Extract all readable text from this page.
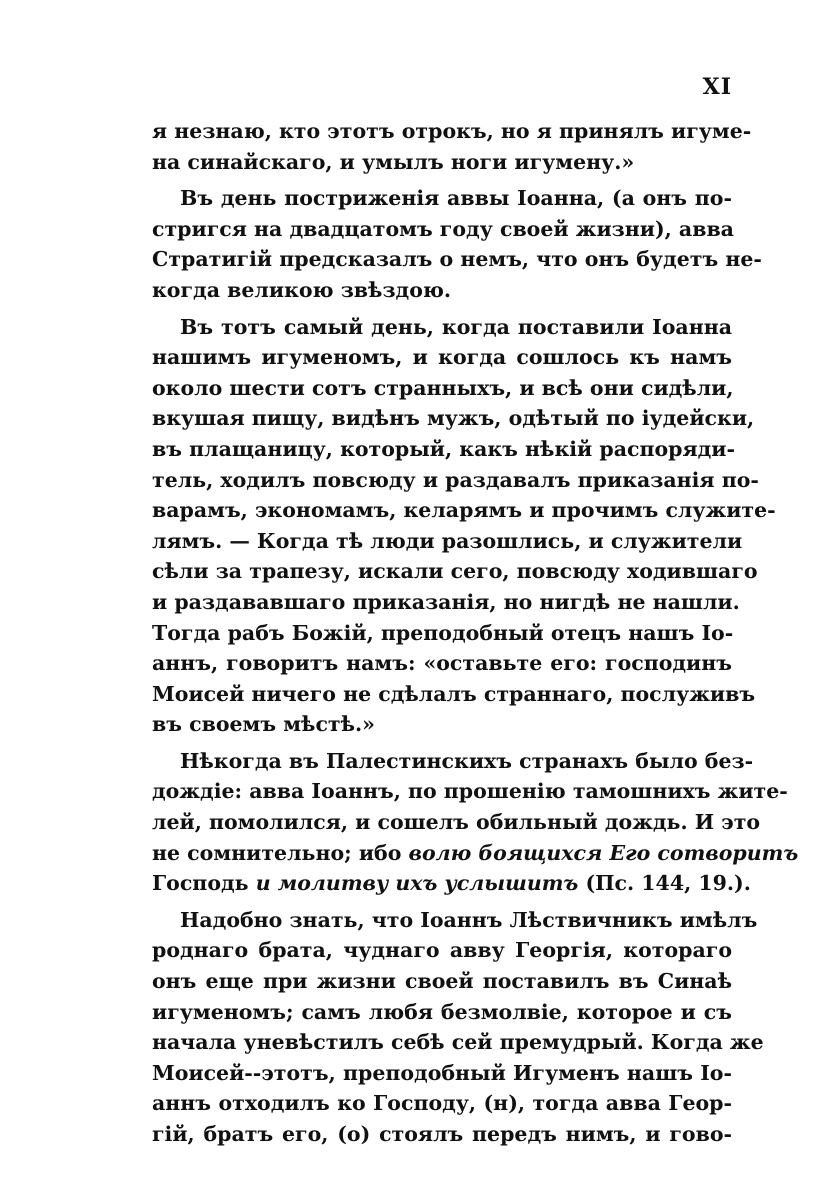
XI
я незнаю, кто этотъ отрокъ, но я принялъ игуме-
на синайскаго, и умылъ ноги игумену.»
Въ день постриженія аввы Іоанна, (а онъ по-
стригся на двадцатомъ году своей жизни), авва
Стратигій предсказалъ о немъ, что онъ будетъ не-
когда великою звѣздою.
Въ тотъ самый день, когда поставили Іоанна
нашимъ игуменомъ, и когда сошлось къ намъ
около шести сотъ странныхъ, и всѣ они сидѣли,
вкушая пищу, видѣнъ мужъ, одѣтый по іудейски,
въ плащаницу, который, какъ нѣкій распоряди-
тель, ходилъ повсюду и раздавалъ приказанія по-
варамъ, экономамъ, келарямъ и прочимъ служите-
лямъ. — Когда тѣ люди разошлись, и служители
сѣли за трапезу, искали сего, повсюду ходившаго
и раздававшаго приказанія, но нигдѣ не нашли.
Тогда рабъ Божій, преподобный отецъ нашъ Іо-
аннъ, говоритъ намъ: «оставьте его: господинъ
Моисей ничего не сдѣлалъ страннаго, послуживъ
въ своемъ мѣстѣ.»
Нѣкогда въ Палестинскихъ странахъ было без-
дождіе: авва Іоаннъ, по прошенію тамошнихъ жите-
лей, помолился, и сошелъ обильный дождь. И это
не сомнительно; ибо волю боящихся Его сотворитъ
Господь и молитву ихъ услышитъ (Пс. 144, 19.).
Надобно знать, что Іоаннъ Лѣствичникъ имѣлъ
роднаго брата, чуднаго авву Георгія, котораго
онъ еще при жизни своей поставилъ въ Синаѣ
игуменомъ; самъ любя безмолвіе, которое и съ
начала уневѣстилъ себѣ сей премудрый. Когда же
Моисей--этотъ, преподобный Игуменъ нашъ Іо-
аннъ отходилъ ко Господу, (н), тогда авва Геор-
гій, братъ его, (о) стоялъ передъ нимъ, и гово-
